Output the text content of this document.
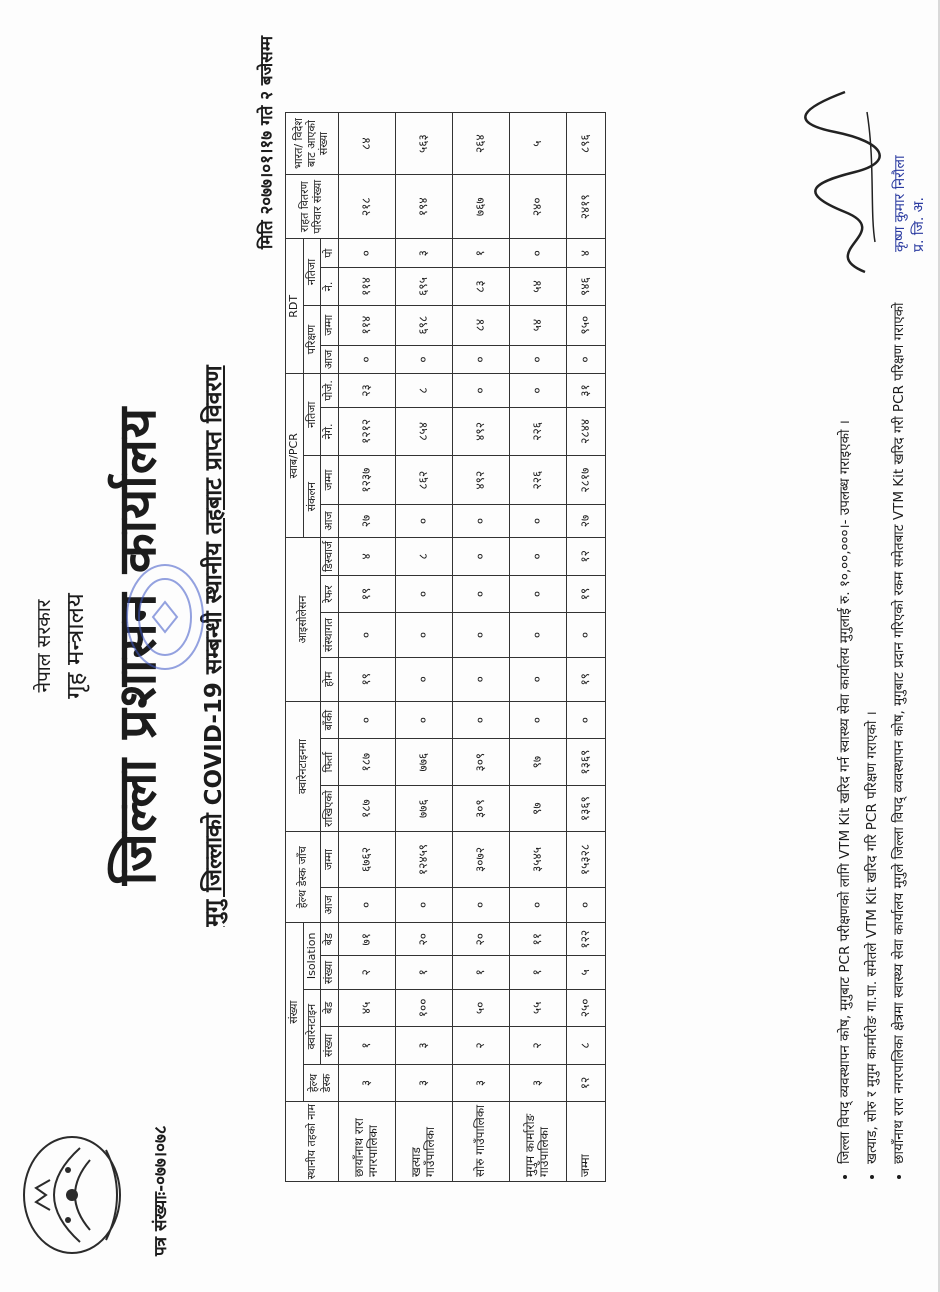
नेपाल सरकार गृह मन्त्रालय जिल्ला प्रशासन कार्यालय
पत्र संख्याः-०७७।०७८
मुगु जिल्लाको COVID-19 सम्बन्धी स्थानीय तहबाट प्राप्त विवरण
मिति २०७७।०१।१७ गते २ बजेसम्म
स्थानीय तहको नाम	संख्या					हेल्थ डेस्क जाँच		क्वारेनटाइनमा			आइसोलेसन				स्वाब/PCR				RDT				राहत वितरण परिवार संख्या	भारत/ विदेश बाट आएको संख्या
	हेल्थ डेस्क	क्वारेनटाइन		Isolation											संकलन		नतिजा		परिक्षण		नतिजा			
		संख्या	बेड	संख्या	बेड	आज	जम्मा	राखिएको	फिर्ता	बाँकी	होम	संस्थागत	रेफर	डिस्चार्ज	आज	जम्मा	नेगे.	पोजे.	आज	जम्मा	ने.	पो		
छायाँनाथ रारा नगरपालिका	३	१	४५	२	७१	०	६७६२	१८७	१८७	०	१९	०	१९	४	२७	१२३७	१२१२	२३	०	११४	११४	०	२१८	८४
खत्याड गाउँपालिका	३	३	१००	१	२०	०	१२४५९	७७६	७७६	०	०	०	०	८	०	८६२	८५४	८	०	६९८	६९५	३	१९४	५६३
सोरु गाउँपालिका	३	२	५०	१	२०	०	३०७२	३०९	३०९	०	०	०	०	०	०	४९२	४९२	०	०	८४	८३	१	७६७	२६४
मुगुम कार्मारोङ गाउँपालिका	३	२	५५	१	११	०	३५४५	९७	९७	०	०	०	०	०	०	२२६	२२६	०	०	५४	५४	०	२४०	५
जम्मा	१२	८	२५०	५	१२२	०	१५३२८	१३६९	१३६९	०	१९	०	१९	१२	२७	२८१७	२८४४	३१	०	९५०	९४६	४	२४१९	८९६
• जिल्ला विपद् व्यवस्थापन कोष, मुगुबाट PCR परीक्षणको लागि VTM Kit खरिद गर्न स्वास्थ्य सेवा कार्यालय मुगुलाई रु. १०,००,०००।- उपलब्ध गराइएको । • खत्याड, सोरु र मुगुम कार्मारोङ गा.पा. समेतले VTM Kit खरिद गरि PCR परिक्षण गराएको । • छायाँनाथ रारा नगरपालिका क्षेत्रमा स्वास्थ्य सेवा कार्यालय मुगुले जिल्ला विपद् व्यवस्थापन कोष, मुगुबाट प्रदान गरिएको रकम समेतबाट VTM Kit खरिद गरी PCR परिक्षण गराएको
कृष्ण कुमार निरौला प्र. जि. अ.
